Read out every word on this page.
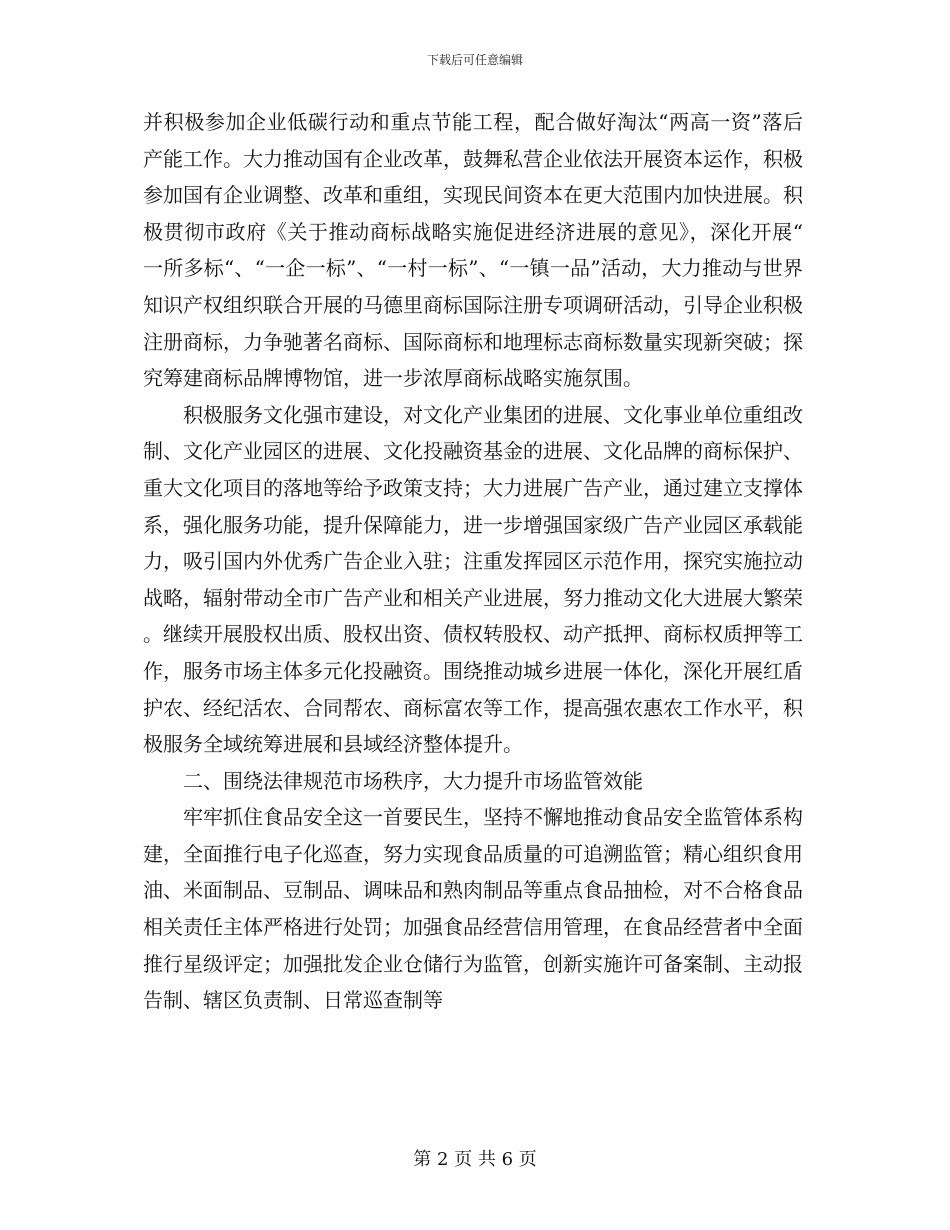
下载后可任意编辑

并积极参加企业低碳行动和重点节能工程，配合做好淘汰“两高一资”落后产能工作。大力推动国有企业改革，鼓舞私营企业依法开展资本运作，积极参加国有企业调整、改革和重组，实现民间资本在更大范围内加快进展。积极贯彻市政府《关于推动商标战略实施促进经济进展的意见》，深化开展“一所多标“、“一企一标”、“一村一标”、“一镇一品”活动，大力推动与世界知识产权组织联合开展的马德里商标国际注册专项调研活动，引导企业积极注册商标，力争驰著名商标、国际商标和地理标志商标数量实现新突破；探究筹建商标品牌博物馆，进一步浓厚商标战略实施氛围。

积极服务文化强市建设，对文化产业集团的进展、文化事业单位重组改制、文化产业园区的进展、文化投融资基金的进展、文化品牌的商标保护、重大文化项目的落地等给予政策支持；大力进展广告产业，通过建立支撑体系，强化服务功能，提升保障能力，进一步增强国家级广告产业园区承载能力，吸引国内外优秀广告企业入驻；注重发挥园区示范作用，探究实施拉动战略，辐射带动全市广告产业和相关产业进展，努力推动文化大进展大繁荣。继续开展股权出质、股权出资、债权转股权、动产抵押、商标权质押等工作，服务市场主体多元化投融资。围绕推动城乡进展一体化，深化开展红盾护农、经纪活农、合同帮农、商标富农等工作，提高强农惠农工作水平，积极服务全域统筹进展和县域经济整体提升。

二、围绕法律规范市场秩序，大力提升市场监管效能

牢牢抓住食品安全这一首要民生，坚持不懈地推动食品安全监管体系构建，全面推行电子化巡查，努力实现食品质量的可追溯监管；精心组织食用油、米面制品、豆制品、调味品和熟肉制品等重点食品抽检，对不合格食品相关责任主体严格进行处罚；加强食品经营信用管理，在食品经营者中全面推行星级评定；加强批发企业仓储行为监管，创新实施许可备案制、主动报告制、辖区负责制、日常巡查制等

第 2 页 共 6 页
